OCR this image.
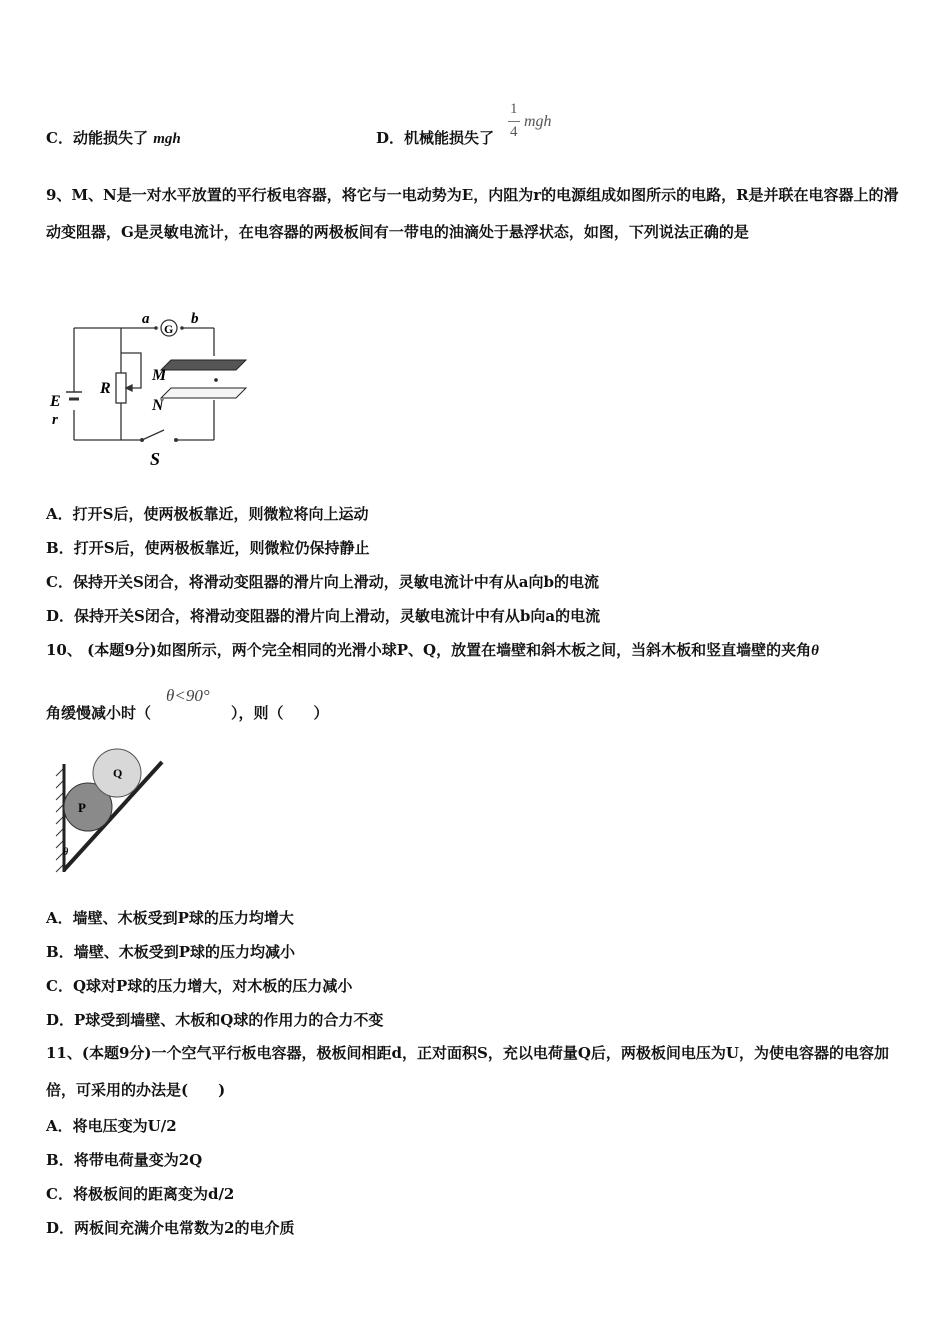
C．动能损失了 mgh	D．机械能损失了
1
4
mgh
9、M、N是一对水平放置的平行板电容器，将它与一电动势为E，内阻为r的电源组成如图所示的电路，R是并联在电容器上的滑动变阻器，G是灵敏电流计，在电容器的两极板间有一带电的油滴处于悬浮状态，如图，下列说法正确的是
a
G
b
M
N
R
E
r
S
A．打开S后，使两极板靠近，则微粒将向上运动
B．打开S后，使两极板靠近，则微粒仍保持静止
C．保持开关S闭合，将滑动变阻器的滑片向上滑动，灵敏电流计中有从a向b的电流
D．保持开关S闭合，将滑动变阻器的滑片向上滑动，灵敏电流计中有从b向a的电流
10、 (本题9分)如图所示，两个完全相同的光滑小球P、Q，放置在墙壁和斜木板之间，当斜木板和竖直墙壁的夹角θ
角缓慢减小时（
θ<90°
），则（　　）
Q
P
θ
A．墙壁、木板受到P球的压力均增大
B．墙壁、木板受到P球的压力均减小
C．Q球对P球的压力增大，对木板的压力减小
D．P球受到墙壁、木板和Q球的作用力的合力不变
11、(本题9分)一个空气平行板电容器，极板间相距d，正对面积S，充以电荷量Q后，两极板间电压为U，为使电容器的电容加倍，可采用的办法是(　　)
A．将电压变为U/2
B．将带电荷量变为2Q
C．将极板间的距离变为d/2
D．两板间充满介电常数为2的电介质
